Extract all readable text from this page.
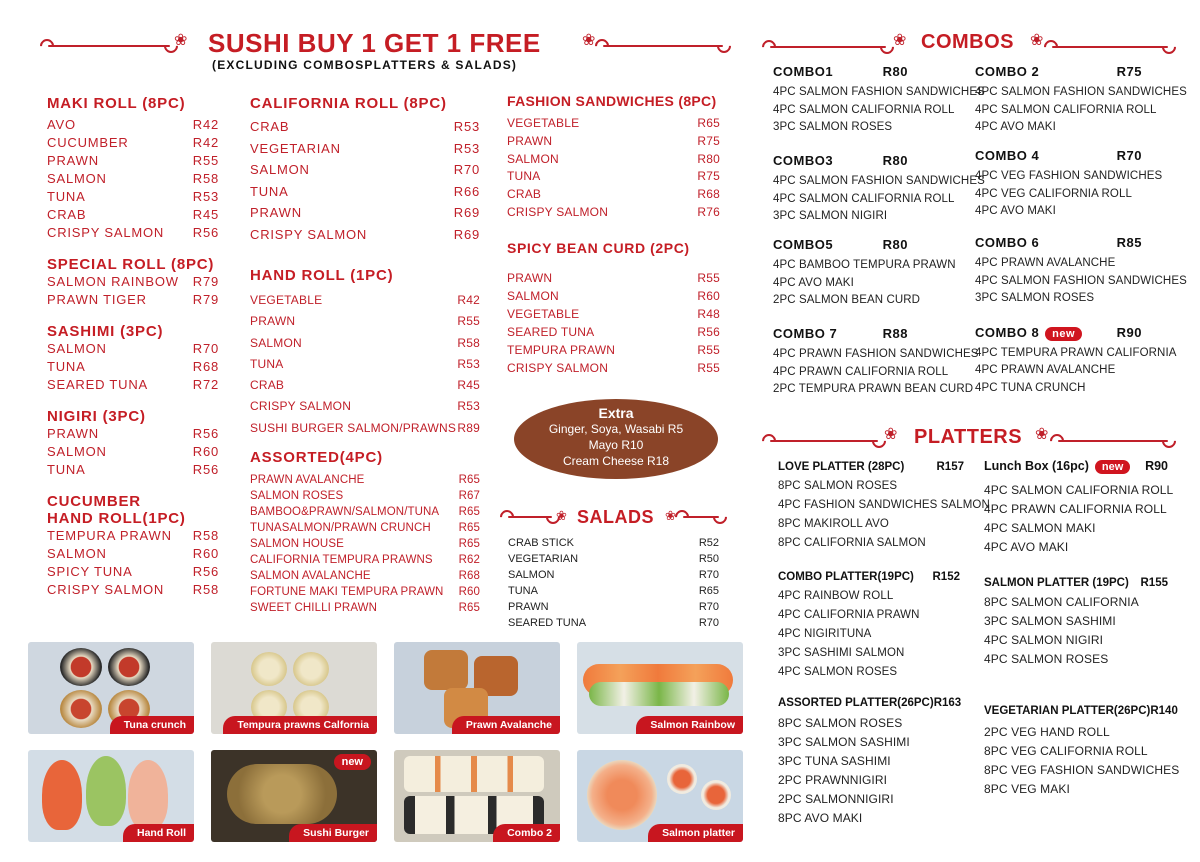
❀ SUSHI BUY 1 GET 1 FREE	❀
(EXCLUDING COMBOSPLATTERS & SALADS)
MAKI ROLL (8PC)
AVO	R42
CUCUMBER	R42
PRAWN	R55
SALMON	R58
TUNA	R53
CRAB	R45
CRISPY SALMON R56
SPECIAL ROLL (8PC)
SALMON RAINBOW R79
PRAWN TIGER	R79
SASHIMI (3PC)
SALMON	R70
TUNA	R68
SEARED TUNA	R72
NIGIRI (3PC)
PRAWN	R56
SALMON	R60
TUNA	R56
CUCUMBER
HAND ROLL(1PC)
TEMPURA PRAWN R58
SALMON	R60
SPICY TUNA	R56
CRISPY SALMON R58
CALIFORNIA ROLL (8PC)
CRAB	R53
VEGETARIAN	R53
SALMON	R70
TUNA	R66
PRAWN	R69
CRISPY SALMON	R69
HAND ROLL (1PC)
VEGETABLE	R42
PRAWN	R55
SALMON	R58
TUNA	R53
CRAB	R45
CRISPY SALMON	R53
SUSHI BURGER SALMON/PRAWNS R89
ASSORTED(4PC)
PRAWN AVALANCHE	R65
SALMON ROSES	R67
BAMBOO&PRAWN/SALMON/TUNA R65
TUNASALMON/PRAWN CRUNCH R65
SALMON HOUSE	R65
CALIFORNIA TEMPURA PRAWNS R62
SALMON AVALANCHE	R68
FORTUNE MAKI TEMPURA PRAWN R60
SWEET CHILLI PRAWN	R65
FASHION SANDWICHES (8PC)
VEGETABLE	R65
PRAWN	R75
SALMON	R80
TUNA	R75
CRAB	R68
CRISPY SALMON	R76
SPICY BEAN CURD (2PC)
PRAWN	R55
SALMON	R60
VEGETABLE	R48
SEARED TUNA	R56
TEMPURA PRAWN	R55
CRISPY SALMON	R55
Extra
Ginger, Soya, Wasabi R5
Mayo R10
Cream Cheese R18
❀ SALADS ❀
CRAB STICK	R52
VEGETARIAN	R50
SALMON	R70
TUNA	R65
PRAWN	R70
SEARED TUNA	R70
❀ COMBOS ❀
COMBO1	R80
4PC SALMON FASHION SANDWICHES
4PC SALMON CALIFORNIA ROLL
3PC SALMON ROSES
COMBO 2	R75
4PC SALMON FASHION SANDWICHES
4PC SALMON CALIFORNIA ROLL
4PC AVO MAKI
COMBO3	R80
4PC SALMON FASHION SANDWICHES
4PC SALMON CALIFORNIA ROLL
3PC SALMON NIGIRI
COMBO 4	R70
4PC VEG FASHION SANDWICHES
4PC VEG CALIFORNIA ROLL
4PC AVO MAKI
COMBO5	R80
4PC BAMBOO TEMPURA PRAWN
4PC AVO MAKI
2PC SALMON BEAN CURD
COMBO 6	R85
4PC PRAWN AVALANCHE
4PC SALMON FASHION SANDWICHES
3PC SALMON ROSES
COMBO 7	R88
4PC PRAWN FASHION SANDWICHES
4PC PRAWN CALIFORNIA ROLL
2PC TEMPURA PRAWN BEAN CURD
COMBO 8 new	R90
4PC TEMPURA PRAWN CALIFORNIA
4PC PRAWN AVALANCHE
4PC TUNA CRUNCH
❀ PLATTERS ❀
LOVE PLATTER (28PC)	R157
8PC SALMON ROSES
4PC FASHION SANDWICHES SALMON
8PC MAKIROLL AVO
8PC CALIFORNIA SALMON
Lunch Box (16pc) new	R90
4PC SALMON CALIFORNIA ROLL
4PC PRAWN CALIFORNIA ROLL
4PC SALMON MAKI
4PC AVO MAKI
COMBO PLATTER(19PC) R152
4PC RAINBOW ROLL
4PC CALIFORNIA PRAWN
4PC NIGIRITUNA
3PC SASHIMI SALMON
4PC SALMON ROSES
SALMON PLATTER (19PC) R155
8PC SALMON CALIFORNIA
3PC SALMON SASHIMI
4PC SALMON NIGIRI
4PC SALMON ROSES
ASSORTED PLATTER(26PC) R163
8PC SALMON ROSES
3PC SALMON SASHIMI
3PC TUNA SASHIMI
2PC PRAWNNIGIRI
2PC SALMONNIGIRI
8PC AVO MAKI
VEGETARIAN PLATTER(26PC) R140
2PC VEG HAND ROLL
8PC VEG CALIFORNIA ROLL
8PC VEG FASHION SANDWICHES
8PC VEG MAKI
Tuna crunch	Tempura prawns Calfornia	Prawn Avalanche	Salmon Rainbow
Hand Roll
new
Sushi Burger	Combo 2	Salmon platter
